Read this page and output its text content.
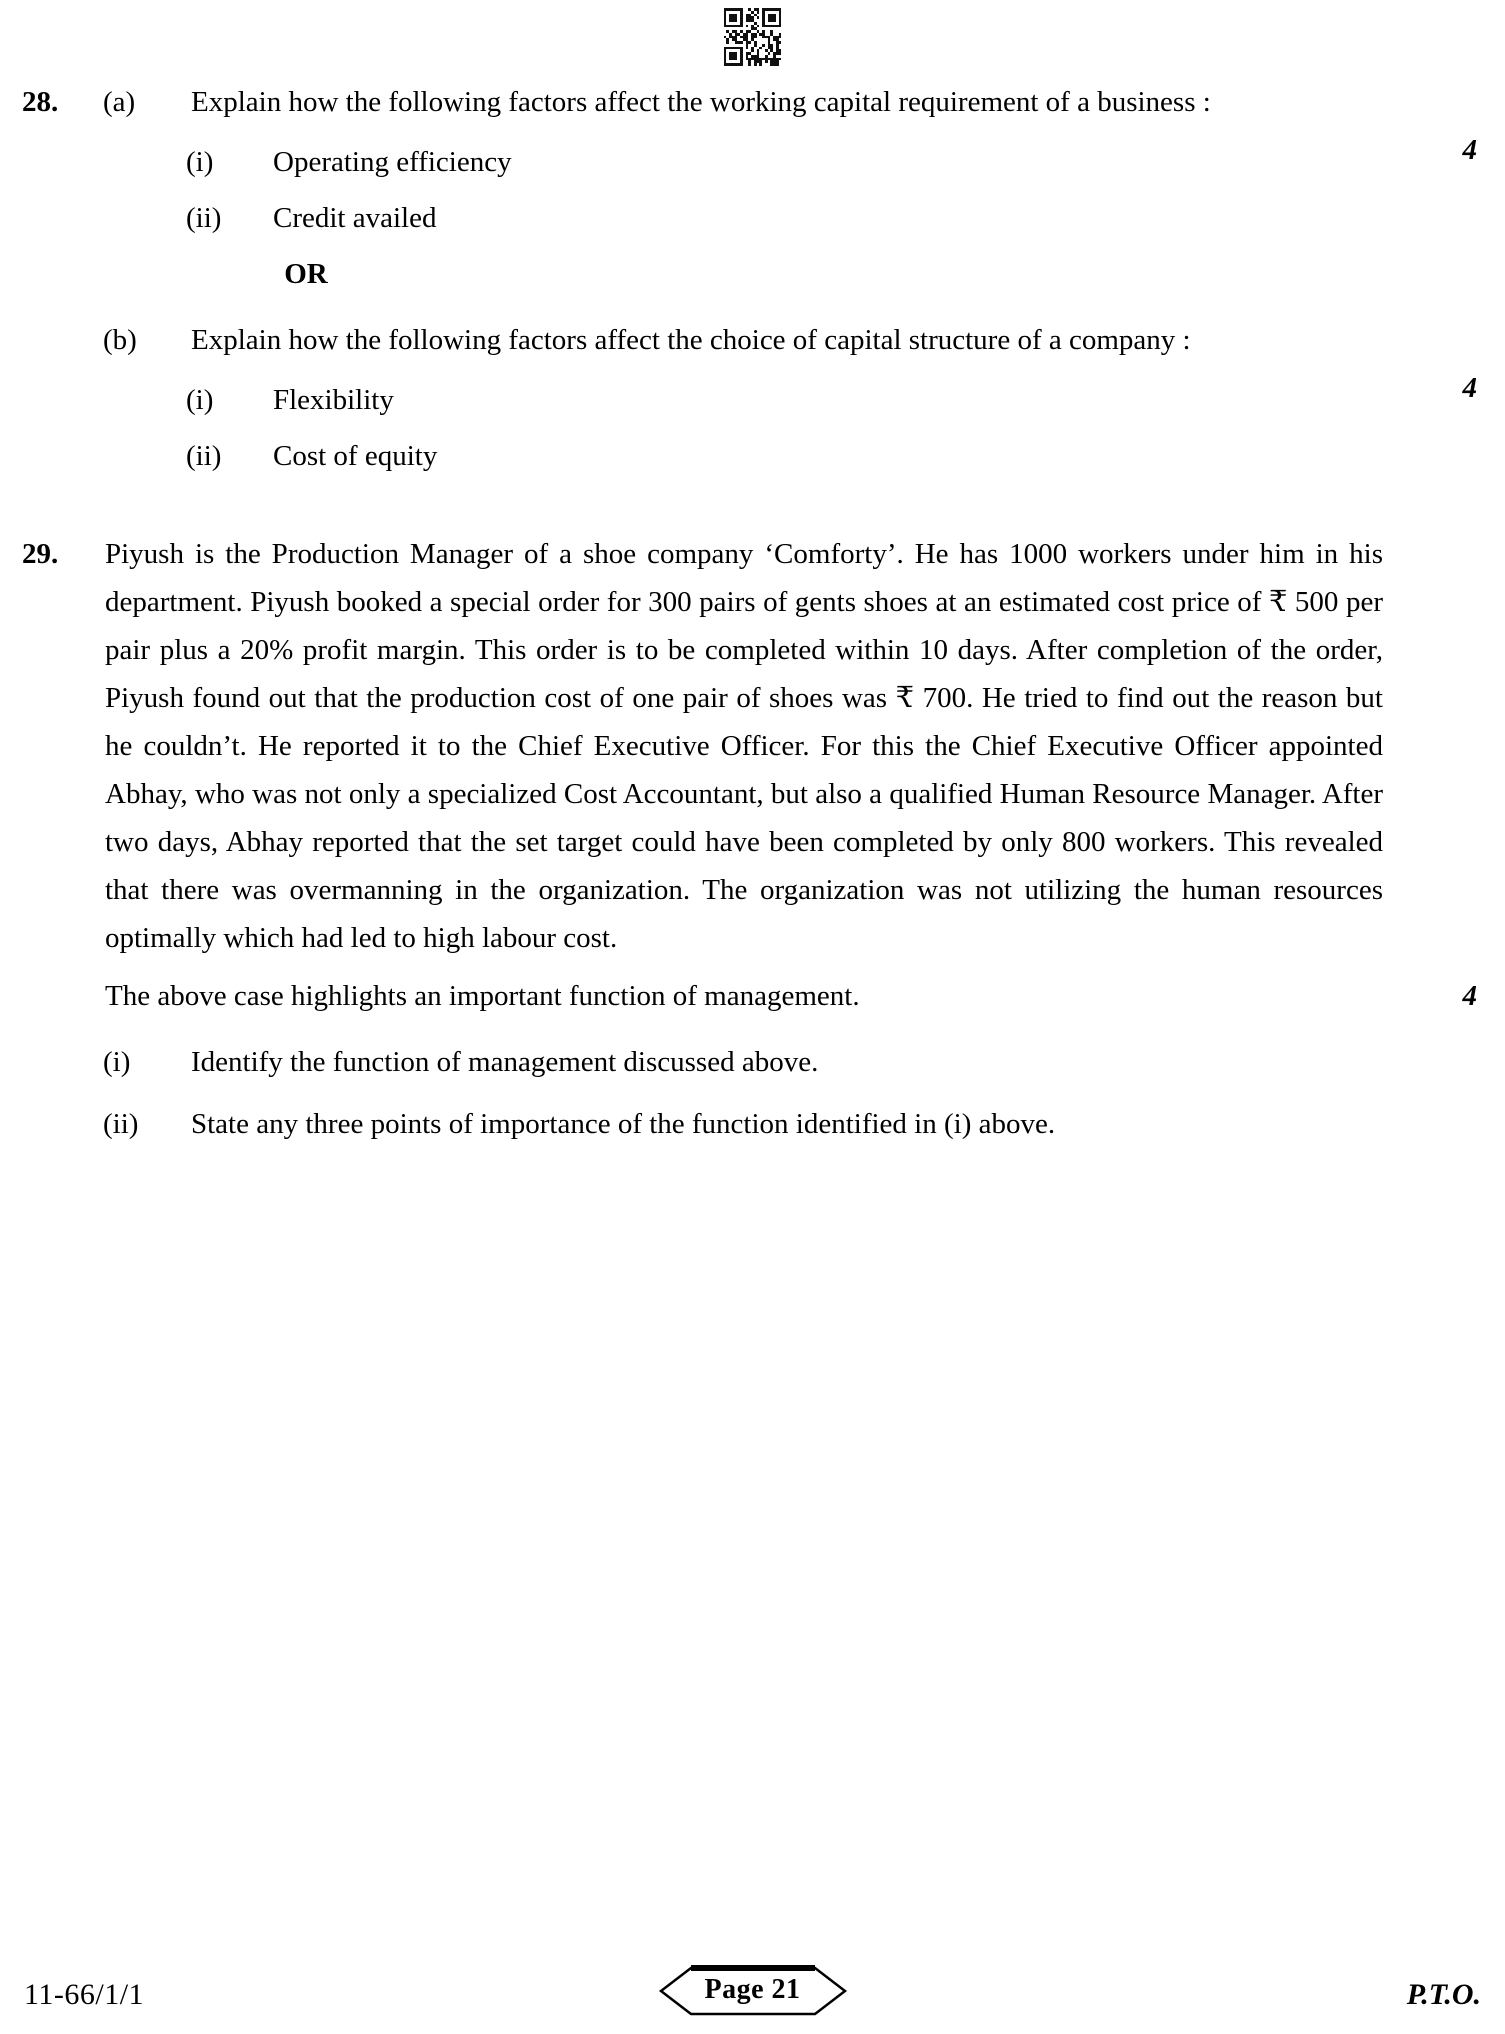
28.	(a)	Explain how the following factors affect the working capital requirement of a business :
4
(i)	Operating efficiency
(ii)	Credit availed
OR
(b)	Explain how the following factors affect the choice of capital structure of a company :
4
(i)	Flexibility
(ii)	Cost of equity
29.	Piyush is the Production Manager of a shoe company ‘Comforty’. He has 1000 workers under him in his department. Piyush booked a special order for 300 pairs of gents shoes at an estimated cost price of ₹ 500 per pair plus a 20% profit margin. This order is to be completed within 10 days. After completion of the order, Piyush found out that the production cost of one pair of shoes was ₹ 700. He tried to find out the reason but he couldn’t. He reported it to the Chief Executive Officer. For this the Chief Executive Officer appointed Abhay, who was not only a specialized Cost Accountant, but also a qualified Human Resource Manager. After two days, Abhay reported that the set target could have been completed by only 800 workers. This revealed that there was overmanning in the organization. The organization was not utilizing the human resources optimally which had led to high labour cost.
The above case highlights an important function of management.	4
(i)	Identify the function of management discussed above.
(ii)	State any three points of importance of the function identified in (i) above.
11-66/1/1	Page 21	P.T.O.
